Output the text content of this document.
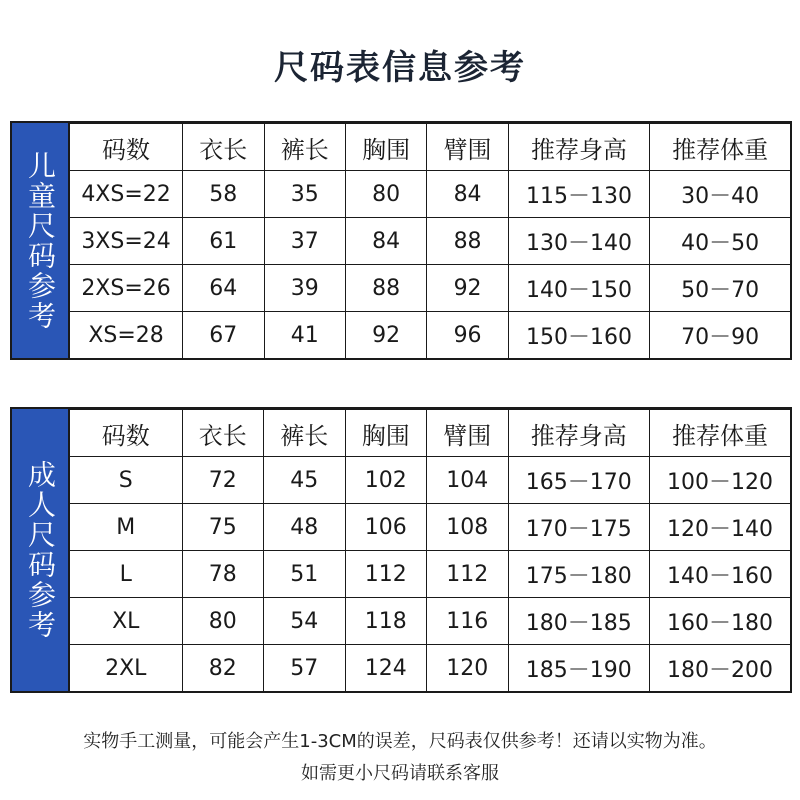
尺码表信息参考
儿童尺码参考
码数	衣长	裤长	胸围	臂围	推荐身高	推荐体重
4XS=22	58	35	80	84	115－130	30－40
3XS=24	61	37	84	88	130－140	40－50
2XS=26	64	39	88	92	140－150	50－70
XS=28	67	41	92	96	150－160	70－90
成人尺码参考
码数	衣长	裤长	胸围	臂围	推荐身高	推荐体重
S	72	45	102	104	165－170	100－120
M	75	48	106	108	170－175	120－140
L	78	51	112	112	175－180	140－160
XL	80	54	118	116	180－185	160－180
2XL	82	57	124	120	185－190	180－200
实物手工测量，可能会产生1-3CM的误差，尺码表仅供参考！还请以实物为准。
如需更小尺码请联系客服
